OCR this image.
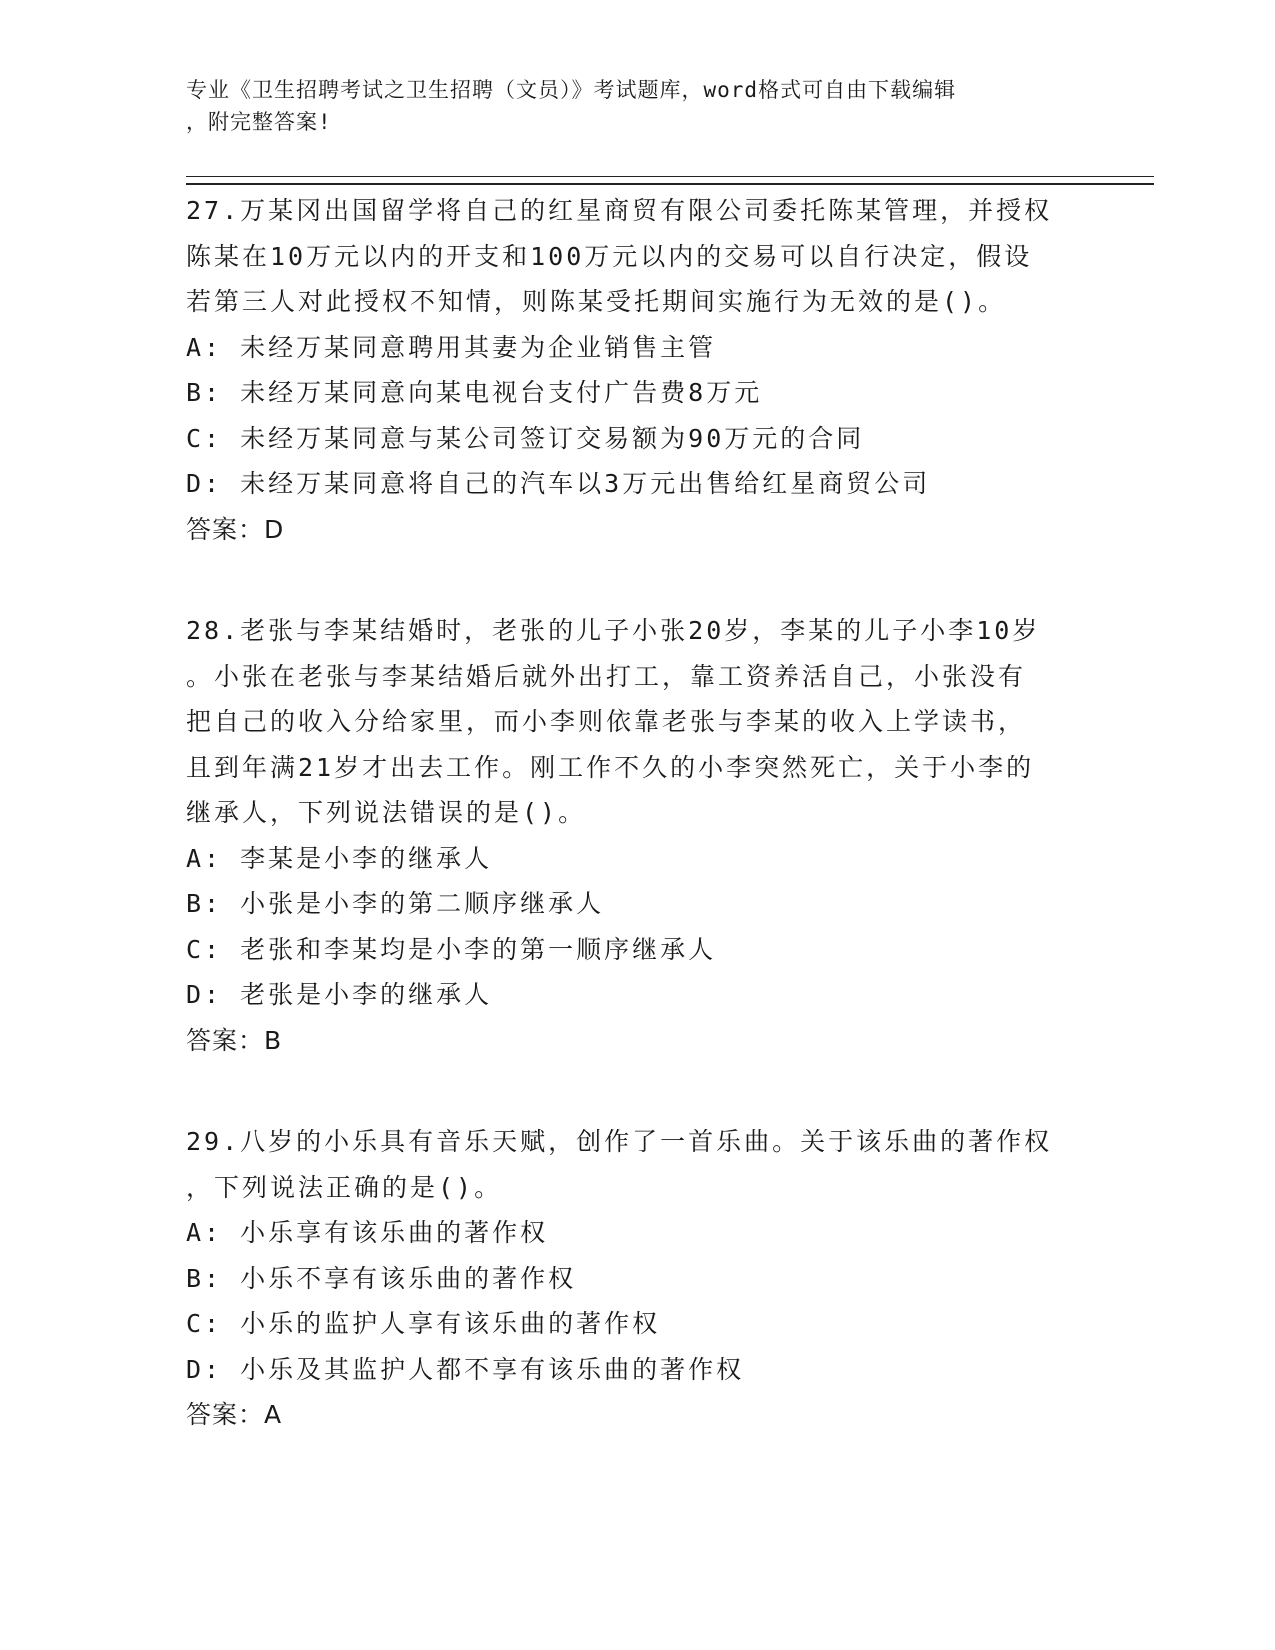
专业《卫生招聘考试之卫生招聘（文员）》考试题库，word格式可自由下载编辑
，附完整答案!

27.万某冈出国留学将自己的红星商贸有限公司委托陈某管理，并授权

陈某在10万元以内的开支和100万元以内的交易可以自行决定，假设

若第三人对此授权不知情，则陈某受托期间实施行为无效的是()。

A: 未经万某同意聘用其妻为企业销售主管

B: 未经万某同意向某电视台支付广告费8万元

C: 未经万某同意与某公司签订交易额为90万元的合同

D: 未经万某同意将自己的汽车以3万元出售给红星商贸公司

答案：D

28.老张与李某结婚时，老张的儿子小张20岁，李某的儿子小李10岁

。小张在老张与李某结婚后就外出打工，靠工资养活自己，小张没有

把自己的收入分给家里，而小李则依靠老张与李某的收入上学读书，

且到年满21岁才出去工作。刚工作不久的小李突然死亡，关于小李的

继承人，下列说法错误的是()。

A: 李某是小李的继承人

B: 小张是小李的第二顺序继承人

C: 老张和李某均是小李的第一顺序继承人

D: 老张是小李的继承人

答案：B

29.八岁的小乐具有音乐天赋，创作了一首乐曲。关于该乐曲的著作权

，下列说法正确的是()。

A: 小乐享有该乐曲的著作权

B: 小乐不享有该乐曲的著作权

C: 小乐的监护人享有该乐曲的著作权

D: 小乐及其监护人都不享有该乐曲的著作权

答案：A
